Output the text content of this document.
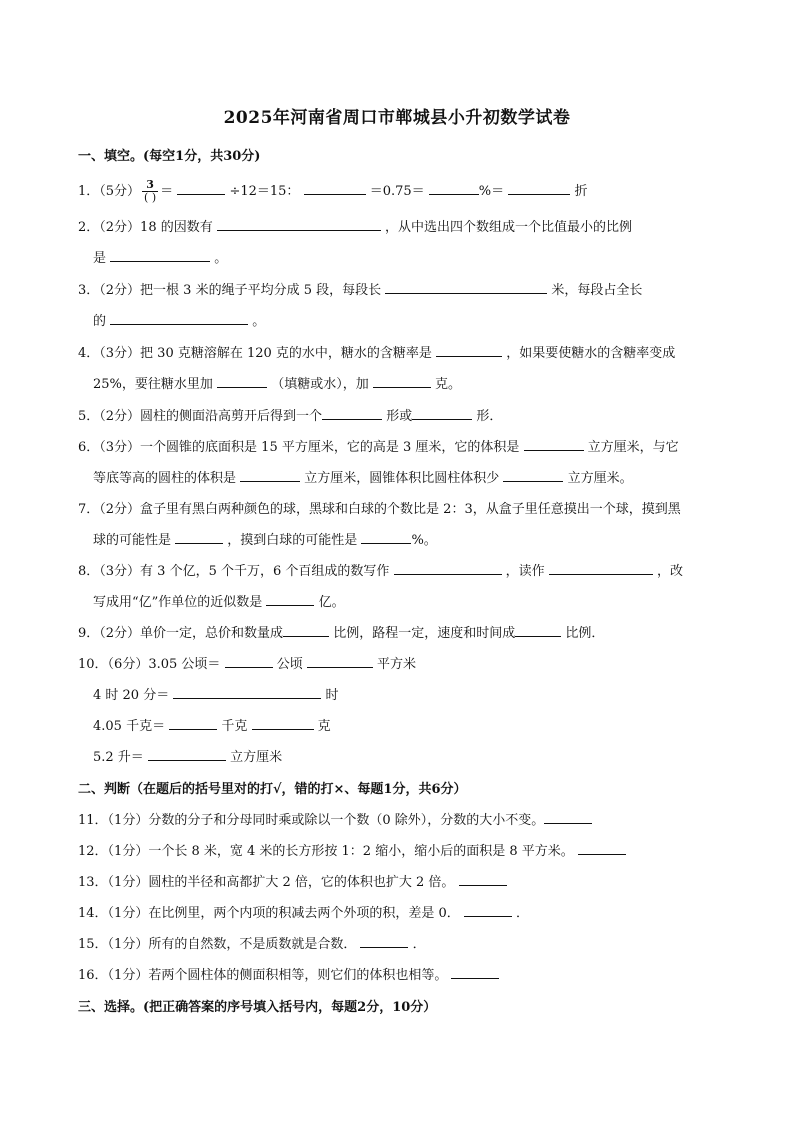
2025年河南省周口市郸城县小升初数学试卷
一、填空。(每空1分，共30分)
1．（5分） $\frac{3}{( )}$ ＝	÷12＝15：	＝0.75＝	%＝	折
2．（2分）18 的因数有	，从中选出四个数组成一个比值最小的比例
是	。
3．（2分）把一根 3 米的绳子平均分成 5 段，每段长	米，每段占全长
的	。
4．（3分）把 30 克糖溶解在 120 克的水中，糖水的含糖率是	，如果要使糖水的含糖率变成
25%，要往糖水里加	（填糖或水），加	克。
5．（2分）圆柱的侧面沿高剪开后得到一个	形或	形．
6．（3分）一个圆锥的底面积是 15 平方厘米，它的高是 3 厘米，它的体积是	立方厘米，与它
等底等高的圆柱的体积是	立方厘米，圆锥体积比圆柱体积少	立方厘米。
7．（2分）盒子里有黑白两种颜色的球，黑球和白球的个数比是 2：3，从盒子里任意摸出一个球，摸到黑
球的可能性是	，摸到白球的可能性是	%。
8．（3分）有 3 个亿，5 个千万，6 个百组成的数写作	，读作	，改
写成用“亿”作单位的近似数是	亿。
9．（2分）单价一定，总价和数量成	比例，路程一定，速度和时间成	比例．
10．（6分）3.05 公顷＝	公顷	平方米
4 时 20 分＝	时
4.05 千克＝	千克	克
5.2 升＝	立方厘米
二、判断（在题后的括号里对的打√，错的打×、每题1分，共6分）
11．（1分）分数的分子和分母同时乘或除以一个数（0 除外），分数的大小不变。
12．（1分）一个长 8 米，宽 4 米的长方形按 1：2 缩小，缩小后的面积是 8 平方米。
13．（1分）圆柱的半径和高都扩大 2 倍，它的体积也扩大 2 倍。
14．（1分）在比例里，两个内项的积减去两个外项的积，差是 0．	．
15．（1分）所有的自然数，不是质数就是合数．	．
16．（1分）若两个圆柱体的侧面积相等，则它们的体积也相等。
三、选择。(把正确答案的序号填入括号内，每题2分，10分）
